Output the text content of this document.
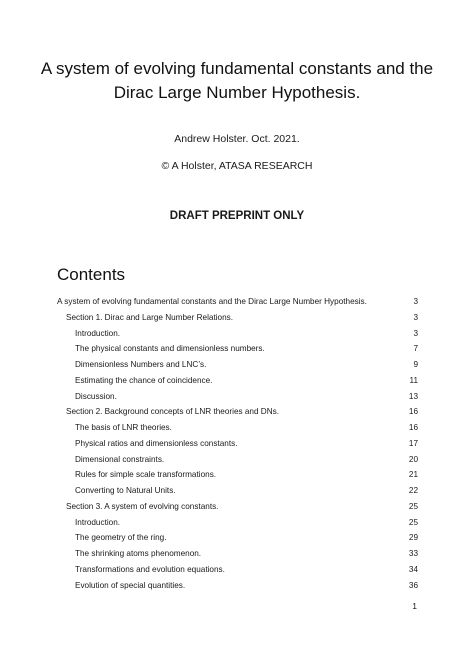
A system of evolving fundamental constants and the
Dirac Large Number Hypothesis.
Andrew Holster. Oct. 2021.
© A Holster, ATASA RESEARCH
DRAFT PREPRINT ONLY
Contents
A system of evolving fundamental constants and the Dirac Large Number Hypothesis.	3
Section 1. Dirac and Large Number Relations.	3
Introduction.	3
The physical constants and dimensionless numbers.	7
Dimensionless Numbers and LNC’s.	9
Estimating the chance of coincidence.	11
Discussion.	13
Section 2. Background concepts of LNR theories and DNs.	16
The basis of LNR theories.	16
Physical ratios and dimensionless constants.	17
Dimensional constraints.	20
Rules for simple scale transformations.	21
Converting to Natural Units.	22
Section 3. A system of evolving constants.	25
Introduction.	25
The geometry of the ring.	29
The shrinking atoms phenomenon.	33
Transformations and evolution equations.	34
Evolution of special quantities.	36
1
